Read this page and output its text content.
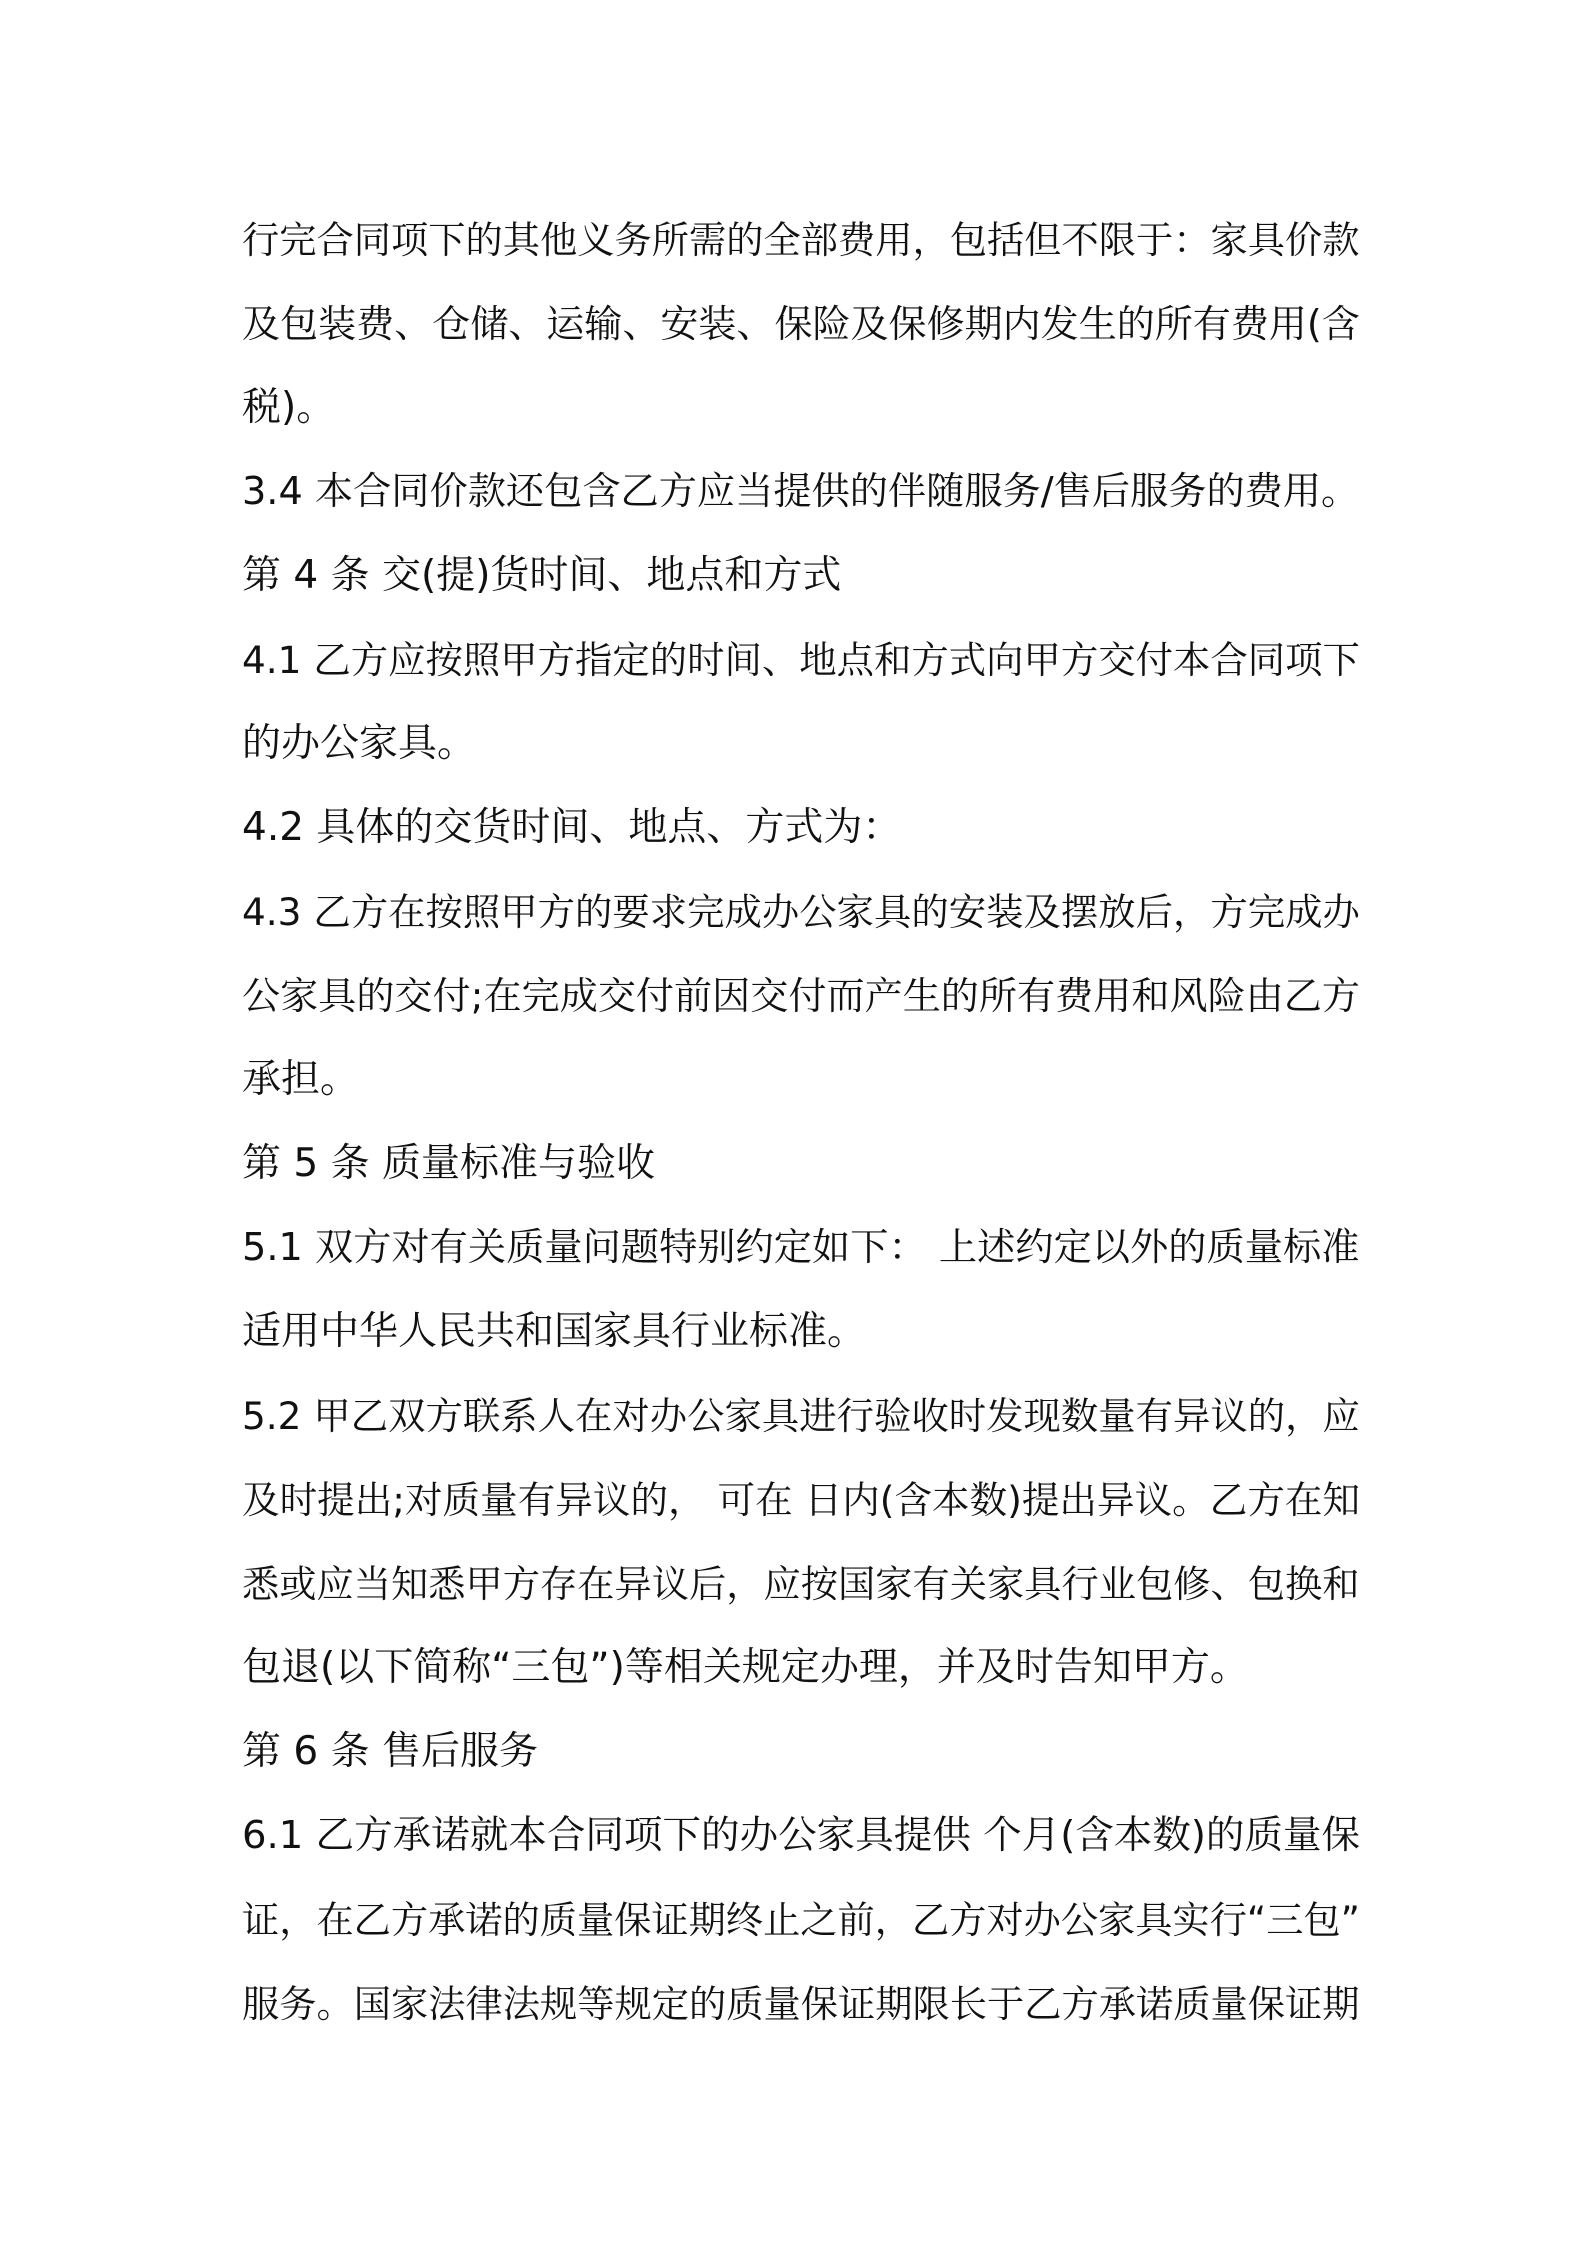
行完合同项下的其他义务所需的全部费用，包括但不限于：家具价款
及包装费、仓储、运输、安装、保险及保修期内发生的所有费用(含
税)。
3.4 本合同价款还包含乙方应当提供的伴随服务/售后服务的费用。
第 4 条 交(提)货时间、地点和方式
4.1 乙方应按照甲方指定的时间、地点和方式向甲方交付本合同项下
的办公家具。
4.2 具体的交货时间、地点、方式为：
4.3 乙方在按照甲方的要求完成办公家具的安装及摆放后，方完成办
公家具的交付;在完成交付前因交付而产生的所有费用和风险由乙方
承担。
第 5 条 质量标准与验收
5.1 双方对有关质量问题特别约定如下： 上述约定以外的质量标准
适用中华人民共和国家具行业标准。
5.2 甲乙双方联系人在对办公家具进行验收时发现数量有异议的，应
及时提出;对质量有异议的， 可在 日内(含本数)提出异议。乙方在知
悉或应当知悉甲方存在异议后，应按国家有关家具行业包修、包换和
包退(以下简称“三包”)等相关规定办理，并及时告知甲方。
第 6 条 售后服务
6.1 乙方承诺就本合同项下的办公家具提供 个月(含本数)的质量保
证，在乙方承诺的质量保证期终止之前，乙方对办公家具实行“三包”
服务。国家法律法规等规定的质量保证期限长于乙方承诺质量保证期
